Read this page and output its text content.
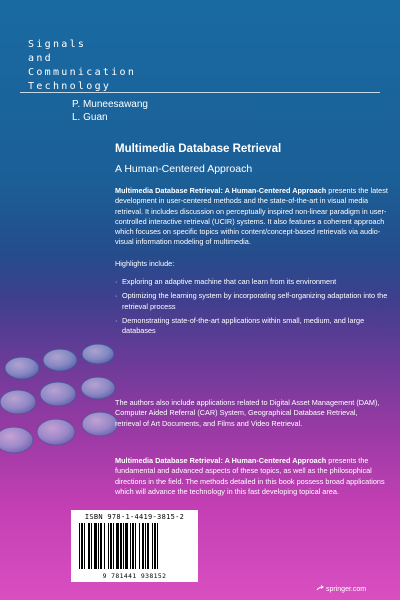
Signals
and
Communication
Technology
P. Muneesawang
L. Guan
Multimedia Database Retrieval
A Human-Centered Approach

Multimedia Database Retrieval: A Human-Centered Approach presents the latest development in user-centered methods and the state-of-the-art in visual media retrieval. It includes discussion on perceptually inspired non-linear paradigm in user-controlled interactive retrieval (UCIR) systems. It also features a coherent approach which focuses on specific topics within content/concept-based retrievals via audio-visual information modeling of multimedia.

Highlights include:

· Exploring an adaptive machine that can learn from its environment
· Optimizing the learning system by incorporating self-organizing adaptation into the retrieval process
· Demonstrating state-of-the-art applications within small, medium, and large databases

The authors also include applications related to Digital Asset Management (DAM), Computer Aided Referral (CAR) System, Geographical Database Retrieval, retrieval of Art Documents, and Films and Video Retrieval.

Multimedia Database Retrieval: A Human-Centered Approach presents the fundamental and advanced aspects of these topics, as well as the philosophical directions in the field. The methods detailed in this book possess broad applications which will advance the technology in this fast developing topical area.

ISBN 978-1-4419-3815-2
9 781441 938152
springer.com
